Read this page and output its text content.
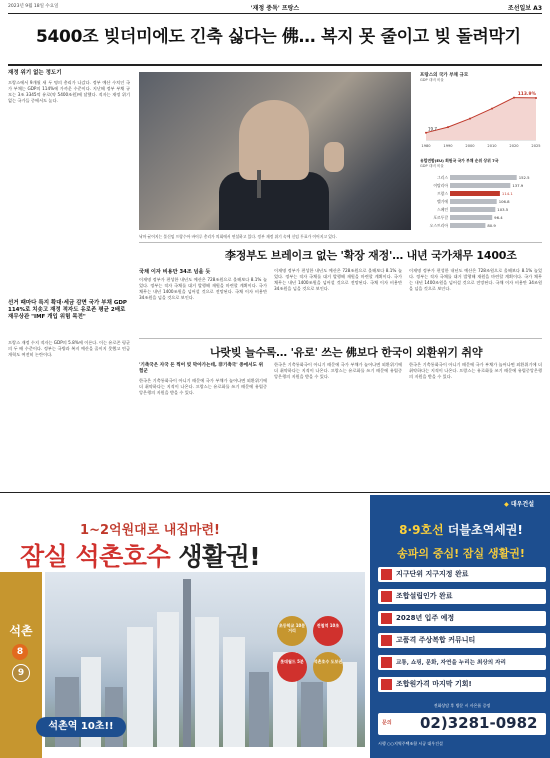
2023년 9월 18일 수요일	'재정 중독' 프랑스	조선일보 A3
5400조 빚더미에도 긴축 싫다는 佛… 복지 못 줄이고 빚 돌려막기
재정 위기 없는 정도기
프랑스에서 9개월 새 두 명의 총리가 나갔다. 정부 예산 수치인 국가 부채는 GDP의 114%에 가까운 수준이다. 지난해 정부 부채 규모는 3조 3345억 유로(약 5400조원)에 달했다. 적자는 재정 위기 없는 국가들 중에서도 높다.
선거 때마다 특지 확대·세금 감면 국가 부채 GDP 114%로 치솟고 재정 적자도 유로존 평균 2배로 재무상관 "IMF 개입 위험 목전"
프랑스 재정 수지 적자는 GDP의 5.8%에 이른다. 이는 유로존 평균의 두 배 수준이다. 정부는 국방과 복지 예산을 줄이지 못했고 연금 개혁도 여전히 논란이다.
낙마 굳어지는 불신임 프랑수아 바이루 총리가 의회에서 연설하고 있다. 정부 재정 위기 속에 신임 투표가 이어지고 있다.
프랑스의 국가 부채 규모
GDP 대비 비율
1980	1990	2000	2010	2020	2025
19.7
113.9%
유럽연합(EU) 회원국 국가 부채 순위 상위 7국
GDP 대비 비율
그리스	152.5
이탈리아	137.9
프랑스	114.1
벨기에	106.8
스페인	103.5
포르투갈	96.4
오스트리아	80.9
李정부도 브레이크 없는 '확장 재정'… 내년 국가채무 1400조
국채 이자 비용만 34조 넘을 듯
이재명 정부가 편성한 내년도 예산은 728조원으로 올해보다 8.1% 늘었다. 정부는 적자 국채를 대거 발행해 재원을 마련할 계획이다. 국가 채무는 내년 1400조원을 넘어설 것으로 전망된다. 국채 이자 비용만 34조원을 넘을 것으로 보인다.
이재명 정부가 편성한 내년도 예산은 728조원으로 올해보다 8.1% 늘었다. 정부는 적자 국채를 대거 발행해 재원을 마련할 계획이다. 국가 채무는 내년 1400조원을 넘어설 것으로 전망된다. 국채 이자 비용만 34조원을 넘을 것으로 보인다.
이재명 정부가 편성한 내년도 예산은 728조원으로 올해보다 8.1% 늘었다. 정부는 적자 국채를 대거 발행해 재원을 마련할 계획이다. 국가 채무는 내년 1400조원을 넘어설 것으로 전망된다. 국채 이자 비용만 34조원을 넘을 것으로 보인다.
나랏빚 늘수록… '유로' 쓰는 佛보다 한국이 외환위기 취약
'기축국은 자국 돈 찍어 빚 막아가는데, 非기축국' 중에서도 위험군
한국은 기축통화국이 아니기 때문에 국가 부채가 늘어나면 외환위기에 더 취약하다는 지적이 나온다. 프랑스는 유로화를 쓰기 때문에 유럽중앙은행의 지원을 받을 수 있다.
한국은 기축통화국이 아니기 때문에 국가 부채가 늘어나면 외환위기에 더 취약하다는 지적이 나온다. 프랑스는 유로화를 쓰기 때문에 유럽중앙은행의 지원을 받을 수 있다.
한국은 기축통화국이 아니기 때문에 국가 부채가 늘어나면 외환위기에 더 취약하다는 지적이 나온다. 프랑스는 유로화를 쓰기 때문에 유럽중앙은행의 지원을 받을 수 있다.
1~2억원대로 내집마련!
잠실 석촌호수 생활권!
초등학교 10분거리
전철역 10초
롯데월드 5분	석촌호수 도보권
석촌
8
9
석촌역 10초!!
◆ 대우건설
8·9호선 더블초역세권!
송파의 중심! 잠실 생활권!
지구단위 지구지정 완료
조합설립인가 완료
2028년 입주 예정
고품격 주상복합 커뮤니티
교통, 쇼핑, 문화, 자연을 누리는 최상의 자리
조합원가격 마지막 기회!
전화상담 후 방문 시 사은품 증정
문의 02)3281-0982
시행 ○○지역주택조합 시공 대우건설
